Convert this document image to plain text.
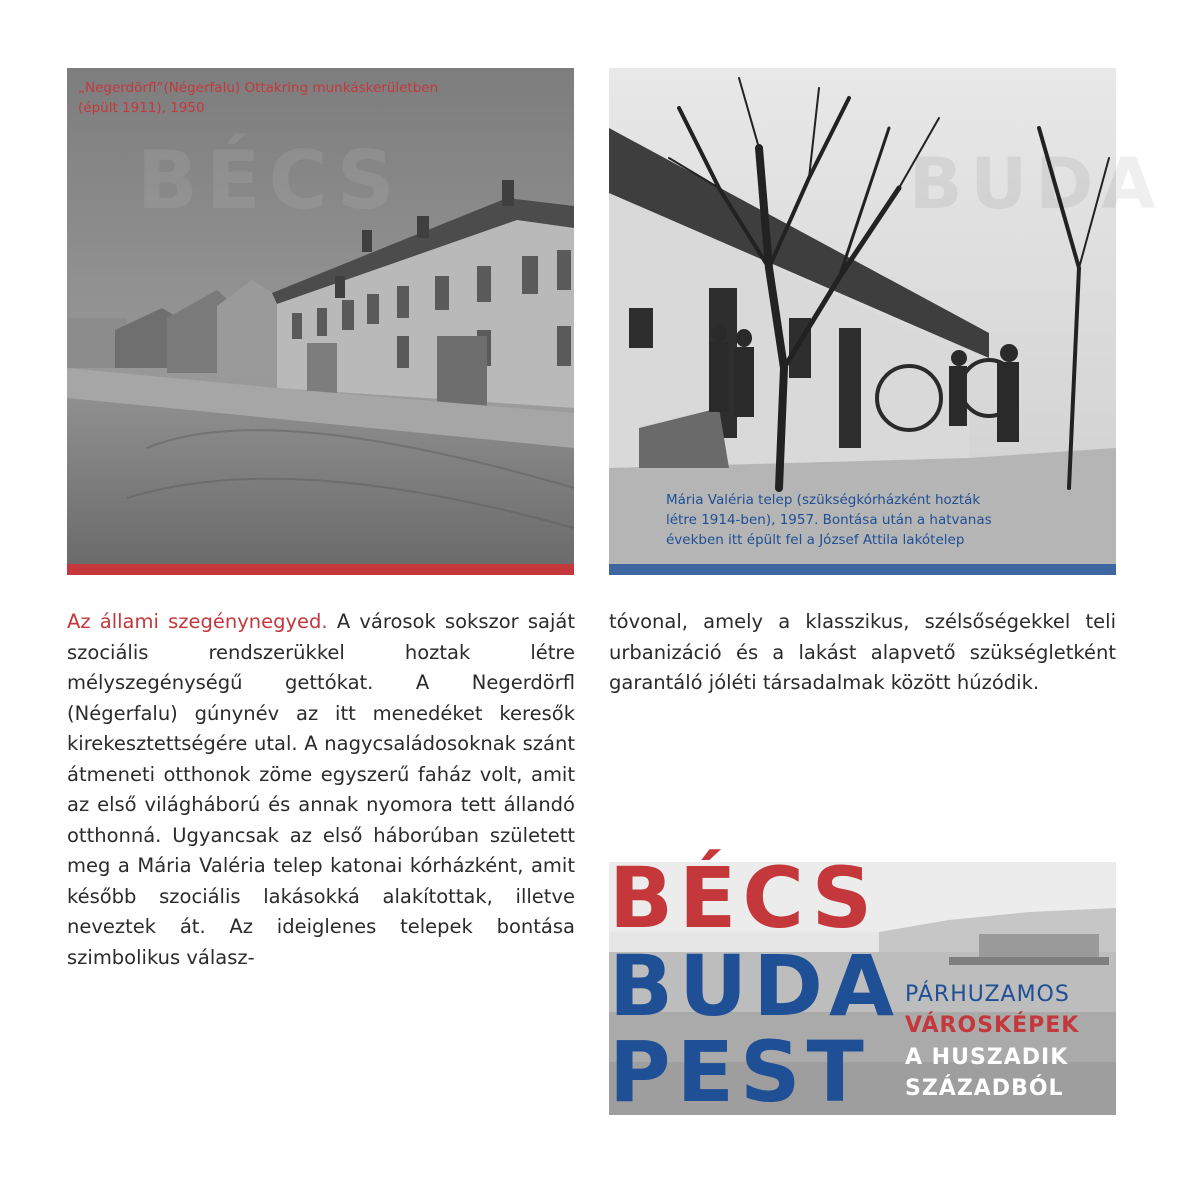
BÉCS
„Negerdörfl”(Négerfalu) Ottakring munkáskerületben
(épült 1911), 1950
BUDA
Mária Valéria telep (szükségkórházként hozták
létre 1914-ben), 1957. Bontása után a hatvanas
években itt épült fel a József Attila lakótelep

Az állami szegénynegyed. A városok sokszor saját szociális rendszerükkel hoztak létre mélyszegénységű gettókat. A Negerdörfl (Négerfalu) gúnynév az itt menedéket keresők kirekesztettségére utal. A nagycsaládosoknak szánt átmeneti otthonok zöme egyszerű faház volt, amit az első világháború és annak nyomora tett állandó otthonná. Ugyancsak az első háborúban született meg a Mária Valéria telep katonai kórházként, amit később szociális lakásokká alakítottak, illetve neveztek át. Az ideiglenes telepek bontása szimbolikus válasz-

tóvonal, amely a klasszikus, szélsőségekkel teli urbanizáció és a lakást alapvető szükségletként garantáló jóléti társadalmak között húzódik.

BÉCS
BUDA
PEST
PÁRHUZAMOS
VÁROSKÉPEK
A HUSZADIK
SZÁZADBÓL
